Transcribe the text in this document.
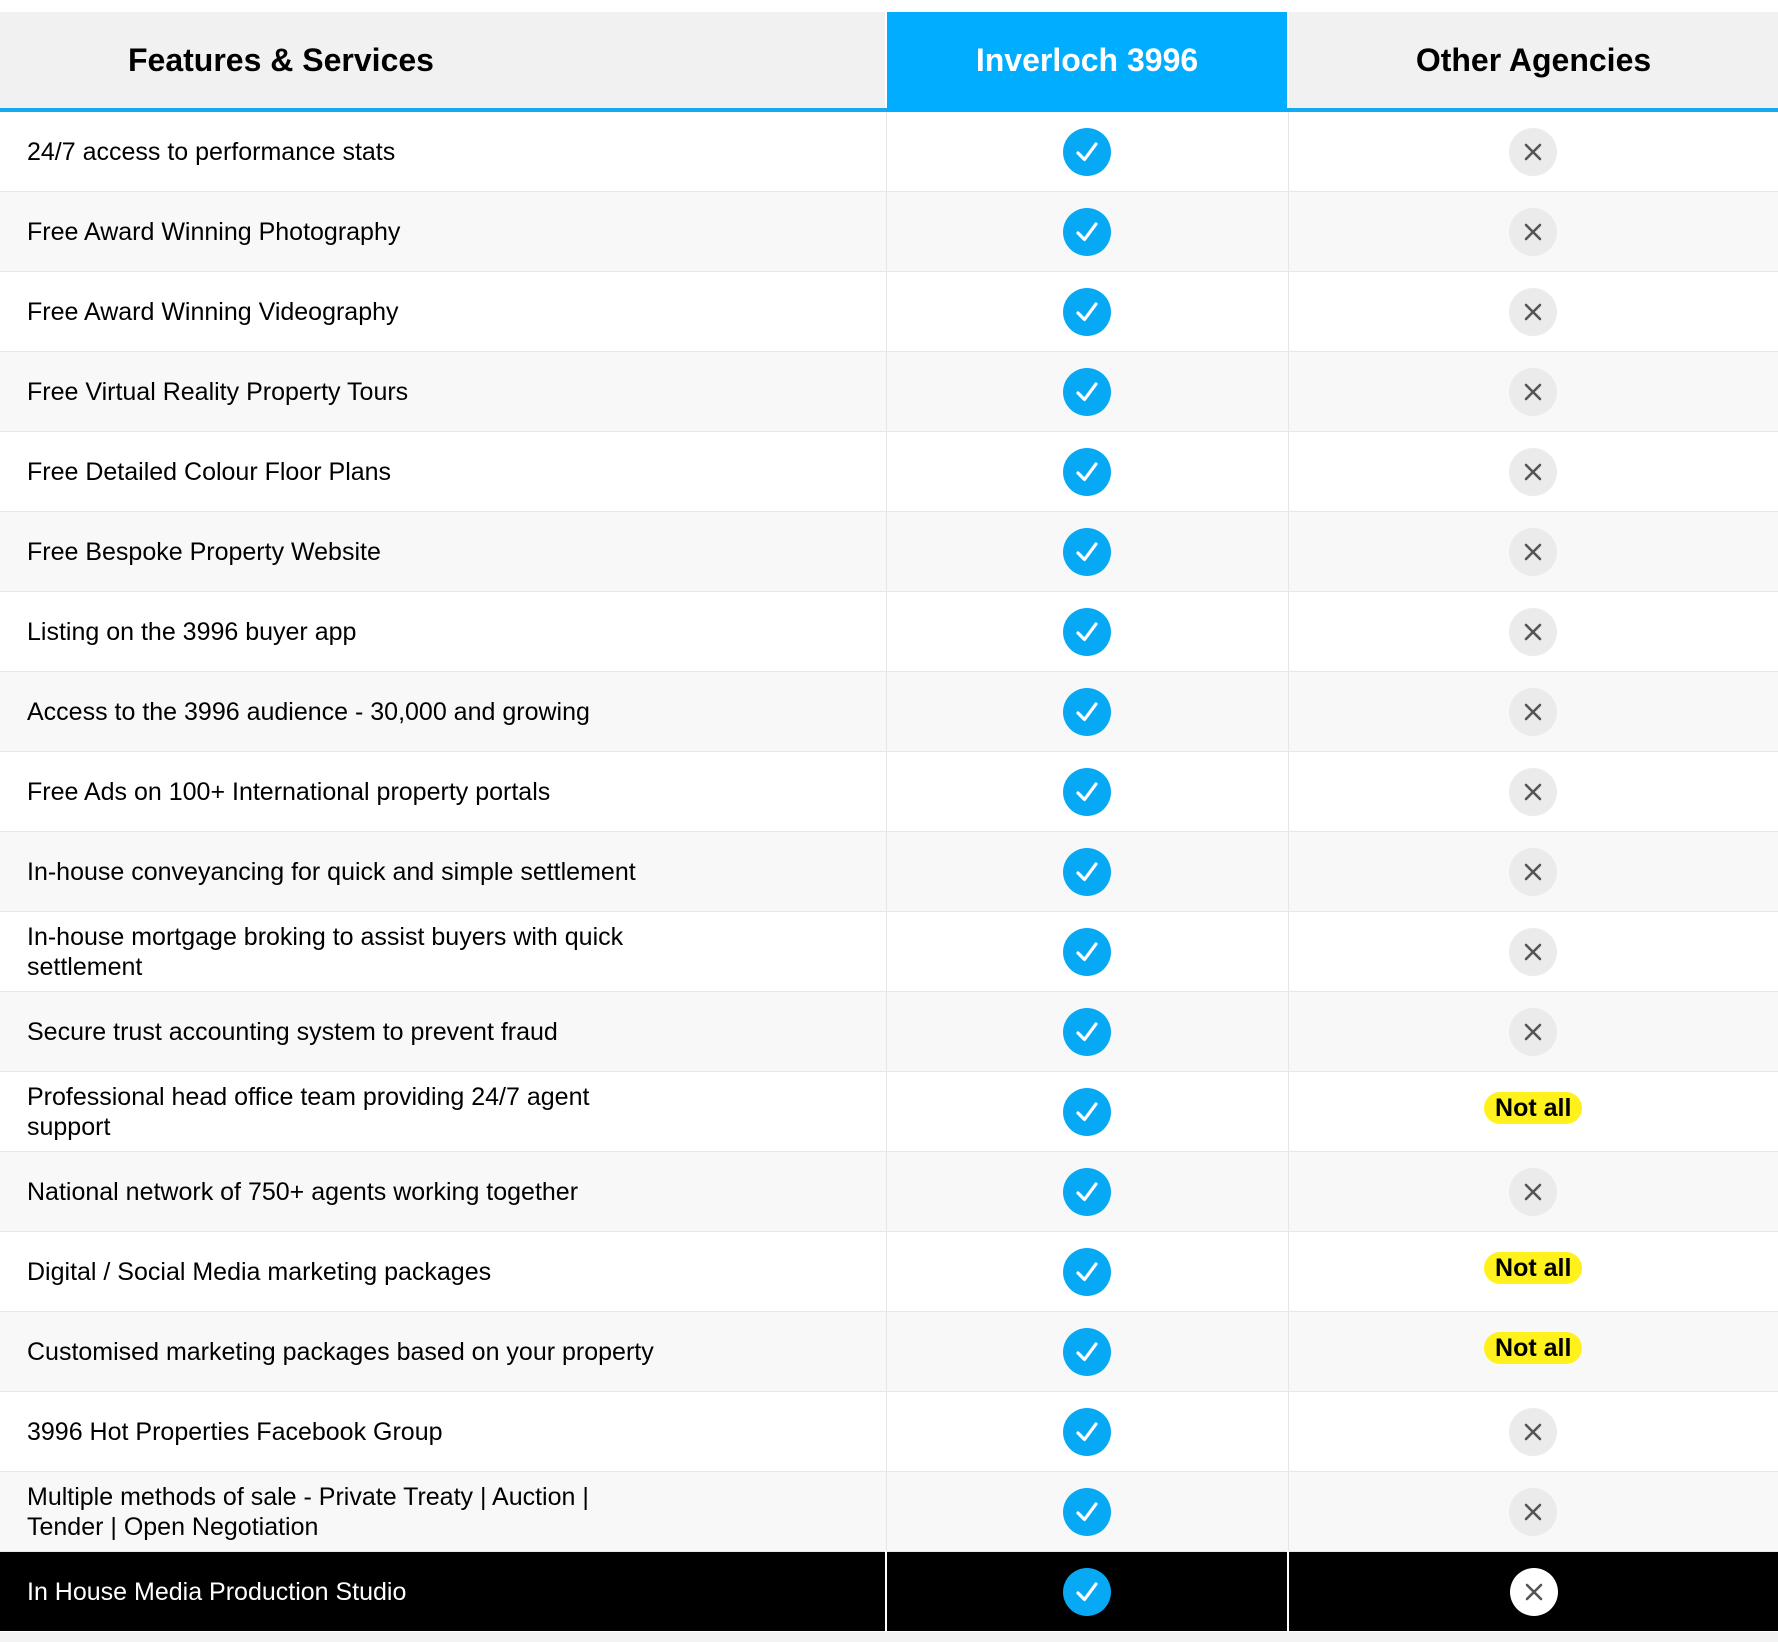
Features & Services	Inverloch 3996	Other Agencies
24/7 access to performance stats	

Free Award Winning Photography	

Free Award Winning Videography	

Free Virtual Reality Property Tours	

Free Detailed Colour Floor Plans	

Free Bespoke Property Website	

Listing on the 3996 buyer app	

Access to the 3996 audience - 30,000 and growing	

Free Ads on 100+ International property portals	

In-house conveyancing for quick and simple settlement	

In-house mortgage broking to assist buyers with quick settlement	

Secure trust accounting system to prevent fraud	

Professional head office team providing 24/7 agent support		Not all
National network of 750+ agents working together	

Digital / Social Media marketing packages		Not all
Customised marketing packages based on your property		Not all
3996 Hot Properties Facebook Group	

Multiple methods of sale - Private Treaty | Auction | Tender | Open Negotiation	

In House Media Production Studio	
